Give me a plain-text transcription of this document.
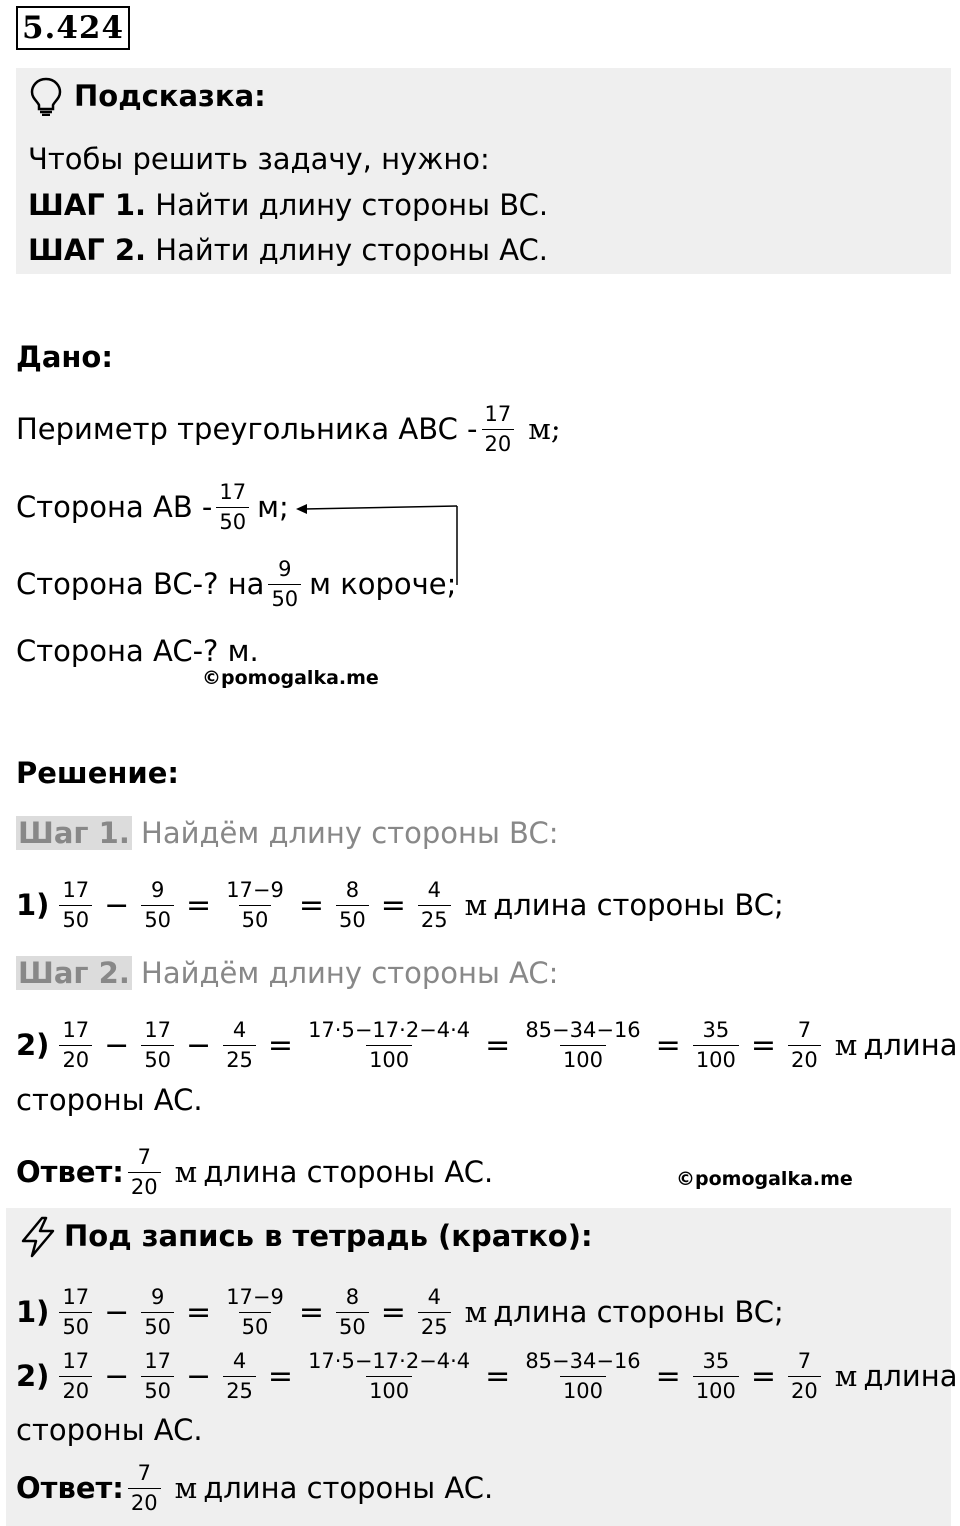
5.424
Подсказка:
Чтобы решить задачу, нужно:
ШАГ 1. Найти длину стороны BC.
ШАГ 2. Найти длину стороны AC.
Дано:
Периметр треугольника ABC - $\frac{17}{20} м$;
Сторона AB - $\frac{17}{50} м$;
Сторона BC-? на $\frac{9}{50}$ м короче;
Сторона AC-? м.
©pomogalka.me
Решение:
Шаг 1. Найдём длину стороны BC:
$1) \frac{17}{50} - \frac{9}{50} = \frac{17-9}{50} = \frac{8}{50} = \frac{4}{25}$ м длина стороны BC;
Шаг 2. Найдём длину стороны AC:
$2) \frac{17}{20} - \frac{17}{50} - \frac{4}{25} = \frac{17\cdot 5-17\cdot 2-4\cdot 4}{100} = \frac{85-34-16}{100} = \frac{35}{100} = \frac{7}{20}$ м длина
стороны AC.
Ответ: $\frac{7}{20}$ м длина стороны AC.	©pomogalka.me
Под запись в тетрадь (кратко):
$1) \frac{17}{50} - \frac{9}{50} = \frac{17-9}{50} = \frac{8}{50} = \frac{4}{25}$ м длина стороны BC;
$2) \frac{17}{20} - \frac{17}{50} - \frac{4}{25} = \frac{17\cdot 5-17\cdot 2-4\cdot 4}{100} = \frac{85-34-16}{100} = \frac{35}{100} = \frac{7}{20}$ м длина
стороны AC.
Ответ: $\frac{7}{20}$ м длина стороны AC.
